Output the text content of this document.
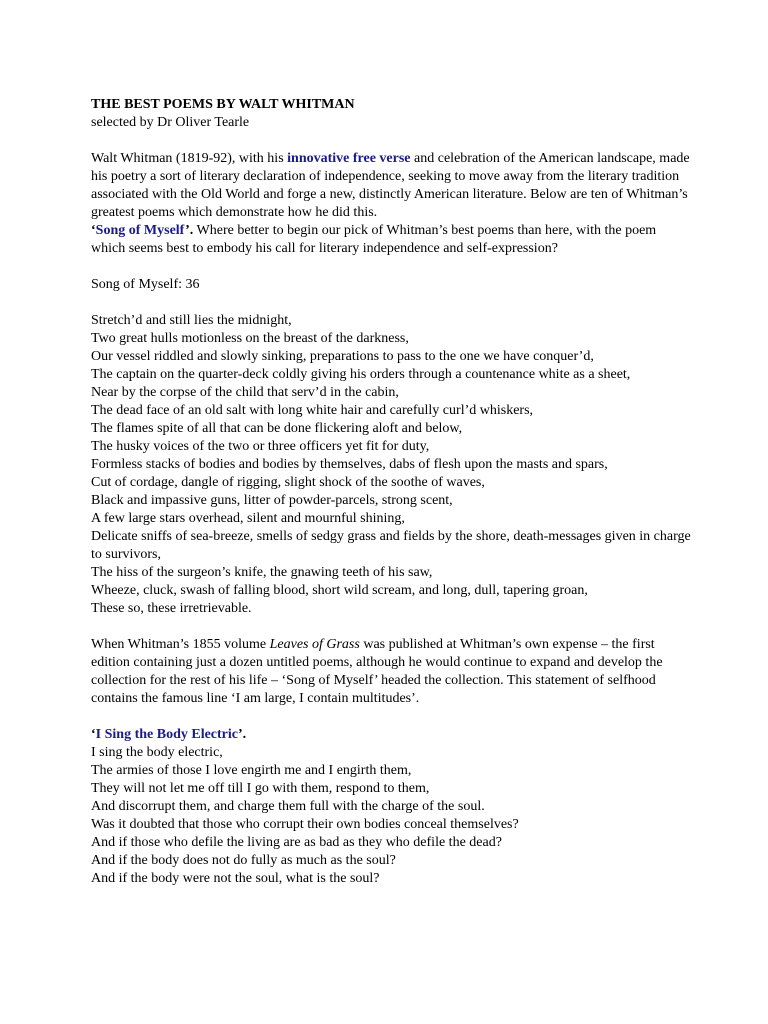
THE BEST POEMS BY WALT WHITMAN

selected by Dr Oliver Tearle

Walt Whitman (1819-92), with his innovative free verse and celebration of the American landscape, made his poetry a sort of literary declaration of independence, seeking to move away from the literary tradition associated with the Old World and forge a new, distinctly American literature. Below are ten of Whitman’s greatest poems which demonstrate how he did this.

‘Song of Myself’. Where better to begin our pick of Whitman’s best poems than here, with the poem which seems best to embody his call for literary independence and self-expression?

Song of Myself: 36

Stretch’d and still lies the midnight,
Two great hulls motionless on the breast of the darkness,
Our vessel riddled and slowly sinking, preparations to pass to the one we have conquer’d,
The captain on the quarter-deck coldly giving his orders through a countenance white as a sheet,
Near by the corpse of the child that serv’d in the cabin,
The dead face of an old salt with long white hair and carefully curl’d whiskers,
The flames spite of all that can be done flickering aloft and below,
The husky voices of the two or three officers yet fit for duty,
Formless stacks of bodies and bodies by themselves, dabs of flesh upon the masts and spars,
Cut of cordage, dangle of rigging, slight shock of the soothe of waves,
Black and impassive guns, litter of powder-parcels, strong scent,
A few large stars overhead, silent and mournful shining,
Delicate sniffs of sea-breeze, smells of sedgy grass and fields by the shore, death-messages given in charge to survivors,
The hiss of the surgeon’s knife, the gnawing teeth of his saw,
Wheeze, cluck, swash of falling blood, short wild scream, and long, dull, tapering groan,
These so, these irretrievable.

When Whitman’s 1855 volume Leaves of Grass was published at Whitman’s own expense – the first edition containing just a dozen untitled poems, although he would continue to expand and develop the collection for the rest of his life – ‘Song of Myself’ headed the collection. This statement of selfhood contains the famous line ‘I am large, I contain multitudes’.

‘I Sing the Body Electric’.

I sing the body electric,
The armies of those I love engirth me and I engirth them,
They will not let me off till I go with them, respond to them,
And discorrupt them, and charge them full with the charge of the soul.
Was it doubted that those who corrupt their own bodies conceal themselves?
And if those who defile the living are as bad as they who defile the dead?
And if the body does not do fully as much as the soul?
And if the body were not the soul, what is the soul?
